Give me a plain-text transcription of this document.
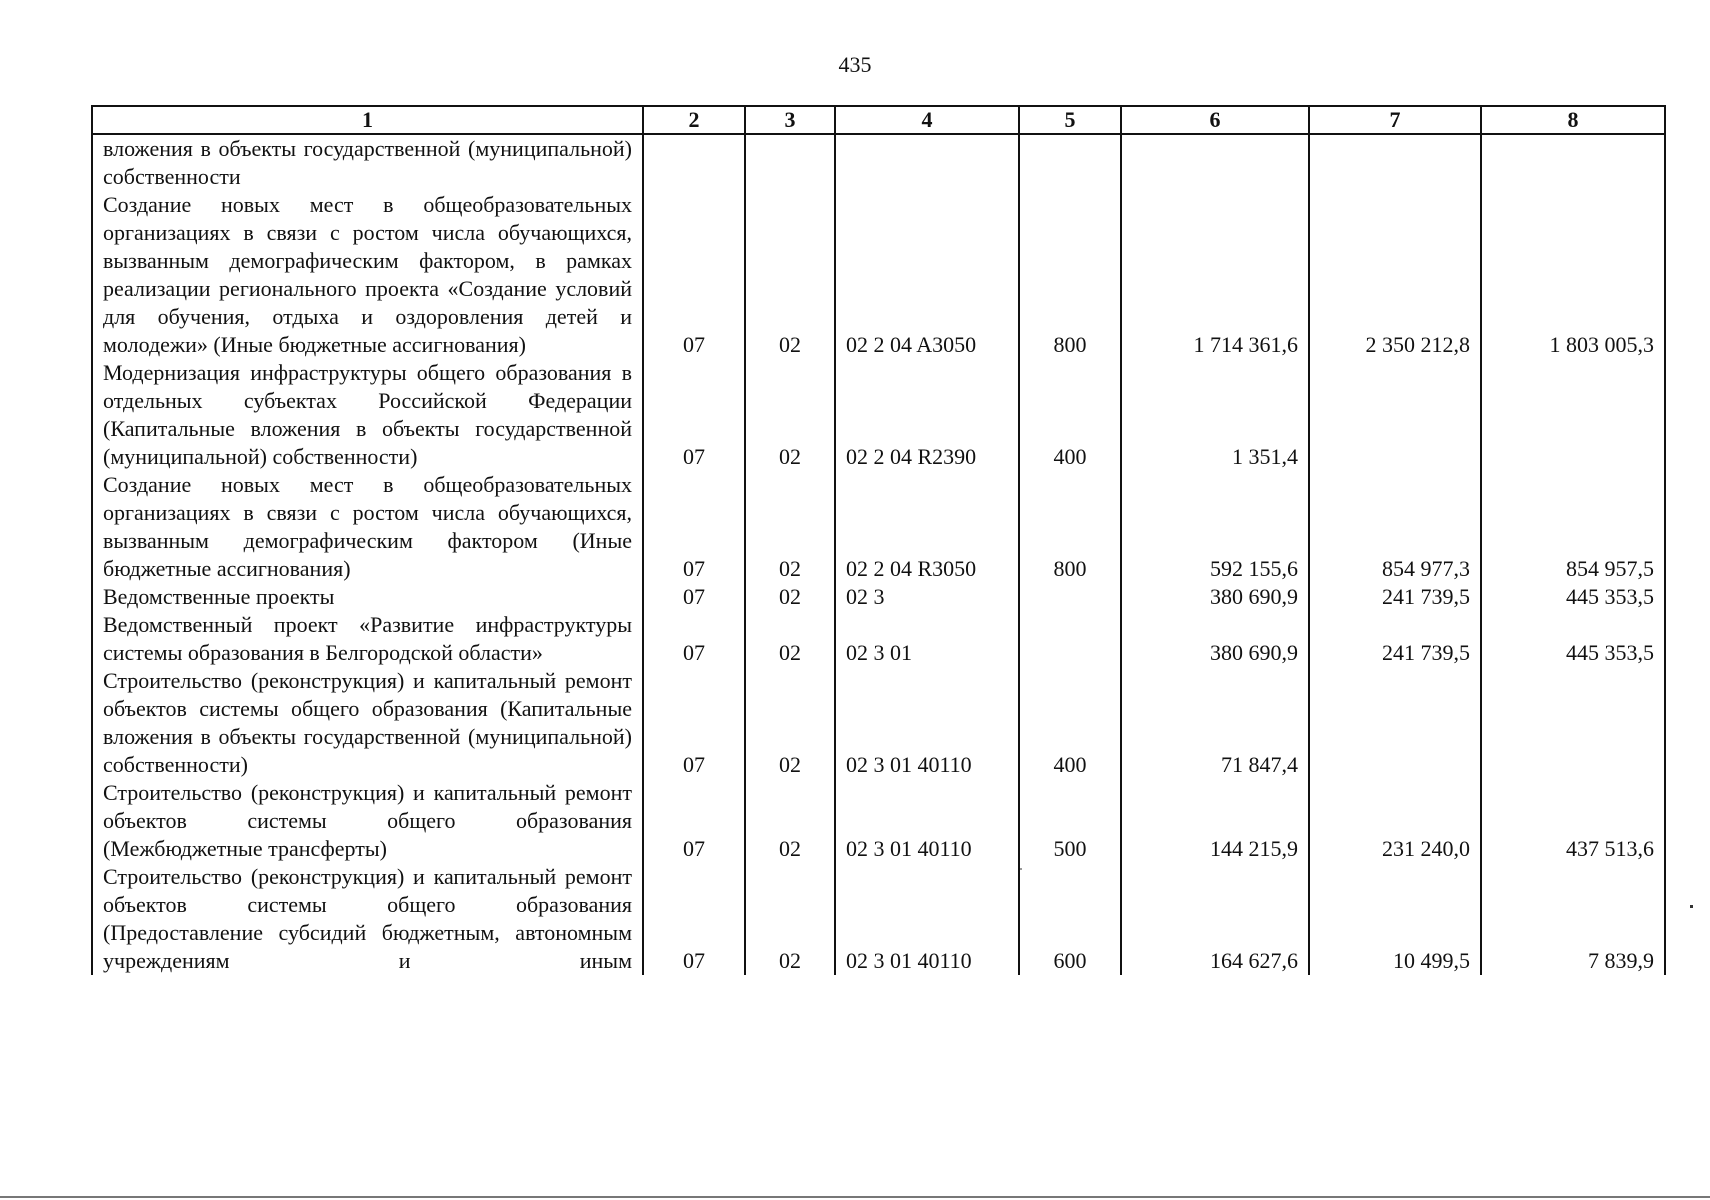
435
1	2	3	4	5	6	7	8
вложения в объекты государственной (муниципальной) собственности							
Создание новых мест в общеобразовательных организациях в связи с ростом числа обучающихся, вызванным демографическим фактором, в рамках реализации регионального проекта «Создание условий для обучения, отдыха и оздоровления детей и молодежи» (Иные бюджетные ассигнования)	07	02	02 2 04 A3050	800	1 714 361,6	2 350 212,8	1 803 005,3
Модернизация инфраструктуры общего образования в отдельных субъектах Российской Федерации (Капитальные вложения в объекты государственной (муниципальной) собственности)	07	02	02 2 04 R2390	400	1 351,4		
Создание новых мест в общеобразовательных организациях в связи с ростом числа обучающихся, вызванным демографическим фактором (Иные бюджетные ассигнования)	07	02	02 2 04 R3050	800	592 155,6	854 977,3	854 957,5
Ведомственные проекты	07	02	02 3		380 690,9	241 739,5	445 353,5
Ведомственный проект «Развитие инфраструктуры системы образования в Белгородской области»	07	02	02 3 01		380 690,9	241 739,5	445 353,5
Строительство (реконструкция) и капитальный ремонт объектов системы общего образования (Капитальные вложения в объекты государственной (муниципальной) собственности)	07	02	02 3 01 40110	400	71 847,4		
Строительство (реконструкция) и капитальный ремонт объектов системы общего образования (Межбюджетные трансферты)	07	02	02 3 01 40110	500	144 215,9	231 240,0	437 513,6
Строительство (реконструкция) и капитальный ремонт объектов системы общего образования (Предоставление субсидий бюджетным, автономным учреждениям и иным	07	02	02 3 01 40110	600	164 627,6	10 499,5	7 839,9
